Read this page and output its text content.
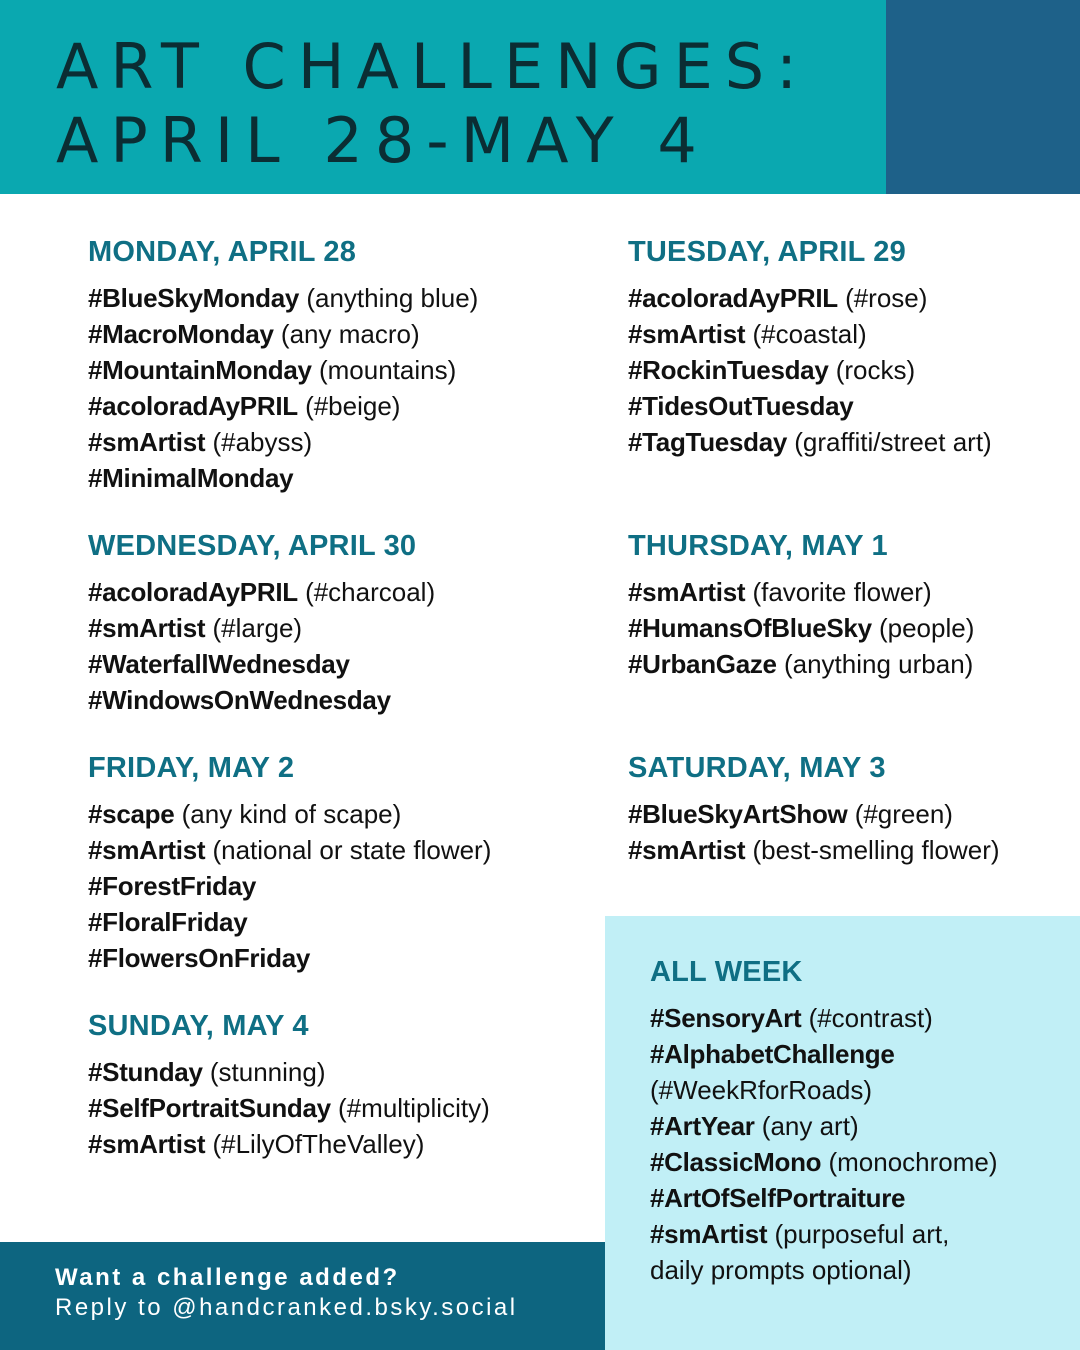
ART CHALLENGES:
APRIL 28-MAY 4
MONDAY, APRIL 28
#BlueSkyMonday (anything blue)
#MacroMonday (any macro)
#MountainMonday (mountains)
#acoloradAyPRIL (#beige)
#smArtist (#abyss)
#MinimalMonday
TUESDAY, APRIL 29
#acoloradAyPRIL (#rose)
#smArtist (#coastal)
#RockinTuesday (rocks)
#TidesOutTuesday
#TagTuesday (graffiti/street art)
WEDNESDAY, APRIL 30
#acoloradAyPRIL (#charcoal)
#smArtist (#large)
#WaterfallWednesday
#WindowsOnWednesday
THURSDAY, MAY 1
#smArtist (favorite flower)
#HumansOfBlueSky (people)
#UrbanGaze (anything urban)
FRIDAY, MAY 2
#scape (any kind of scape)
#smArtist (national or state flower)
#ForestFriday
#FloralFriday
#FlowersOnFriday
SATURDAY, MAY 3
#BlueSkyArtShow (#green)
#smArtist (best-smelling flower)
SUNDAY, MAY 4
#Stunday (stunning)
#SelfPortraitSunday (#multiplicity)
#smArtist (#LilyOfTheValley)
ALL WEEK
#SensoryArt (#contrast)
#AlphabetChallenge
(#WeekRforRoads)
#ArtYear (any art)
#ClassicMono (monochrome)
#ArtOfSelfPortraiture
#smArtist (purposeful art,
daily prompts optional)
Want a challenge added?
Reply to @handcranked.bsky.social
